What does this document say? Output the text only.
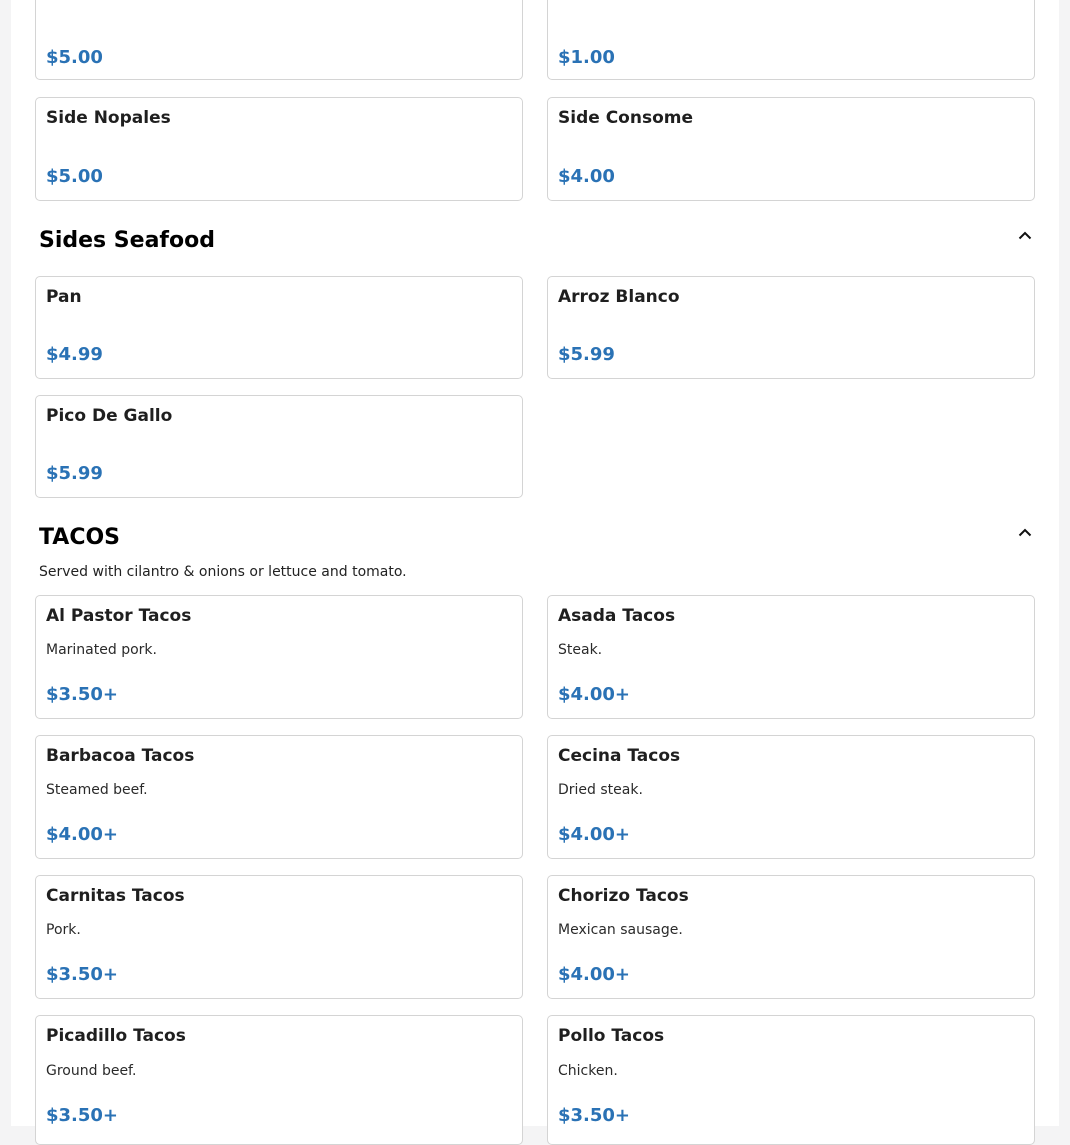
$5.00	$1.00
Side Nopales
$5.00
Side Consome
$4.00
Sides Seafood
Pan
$4.99
Arroz Blanco
$5.99
Pico De Gallo
$5.99
TACOS
Served with cilantro & onions or lettuce and tomato.
Al Pastor Tacos
Marinated pork.
$3.50+
Asada Tacos
Steak.
$4.00+
Barbacoa Tacos
Steamed beef.
$4.00+
Cecina Tacos
Dried steak.
$4.00+
Carnitas Tacos
Pork.
$3.50+
Chorizo Tacos
Mexican sausage.
$4.00+
Picadillo Tacos
Ground beef.
$3.50+
Pollo Tacos
Chicken.
$3.50+
